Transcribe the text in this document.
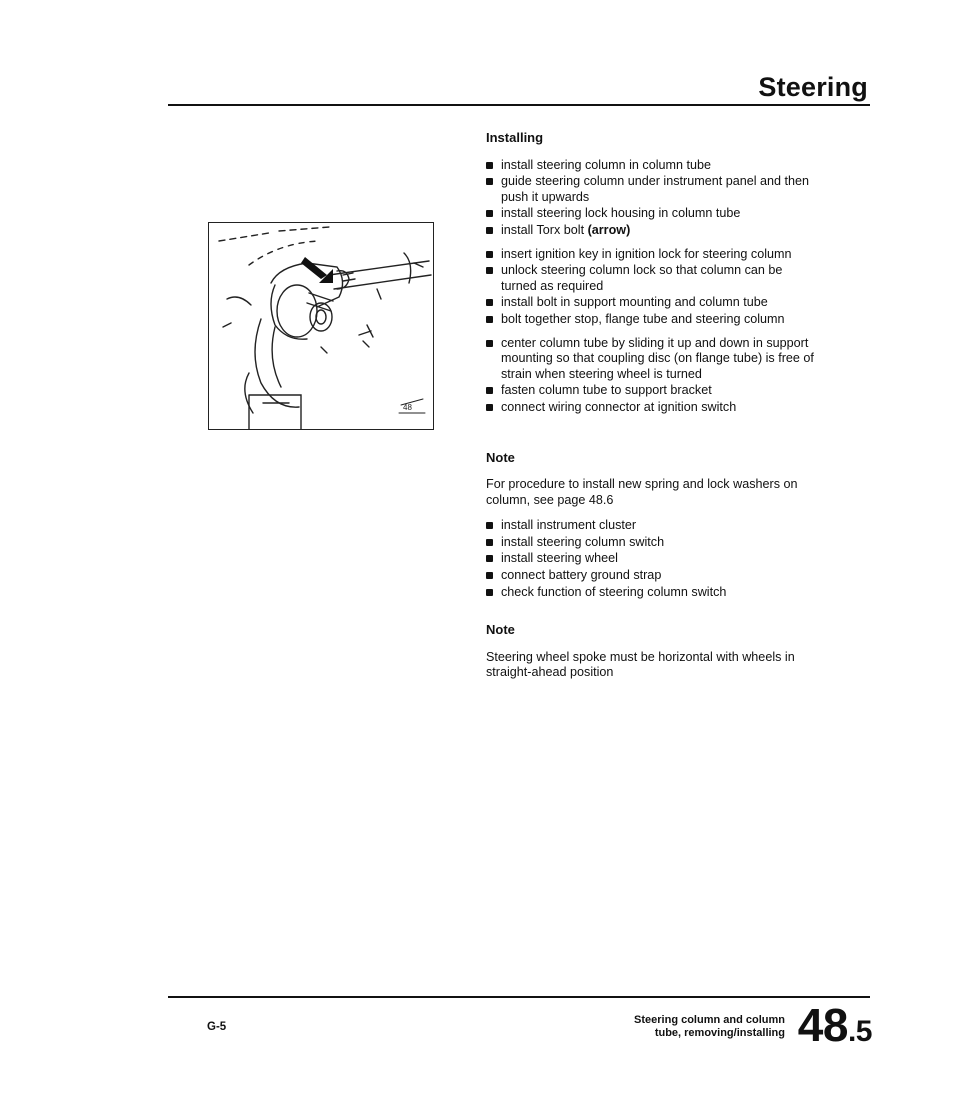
Steering
48
Installing
install steering column in column tube
guide steering column under instrument panel and then push it upwards
install steering lock housing in column tube
install Torx bolt (arrow)
insert ignition key in ignition lock for steering column
unlock steering column lock so that column can be turned as required
install bolt in support mounting and column tube
bolt together stop, flange tube and steering column
center column tube by sliding it up and down in support mounting so that coupling disc (on flange tube) is free of strain when steering wheel is turned
fasten column tube to support bracket
connect wiring connector at ignition switch
Note

For procedure to install new spring and lock washers on column, see page 48.6

install instrument cluster
install steering column switch
install steering wheel
connect battery ground strap
check function of steering column switch
Note

Steering wheel spoke must be horizontal with wheels in straight-ahead position

G-5
Steering column and column
tube, removing/installing 48.5
